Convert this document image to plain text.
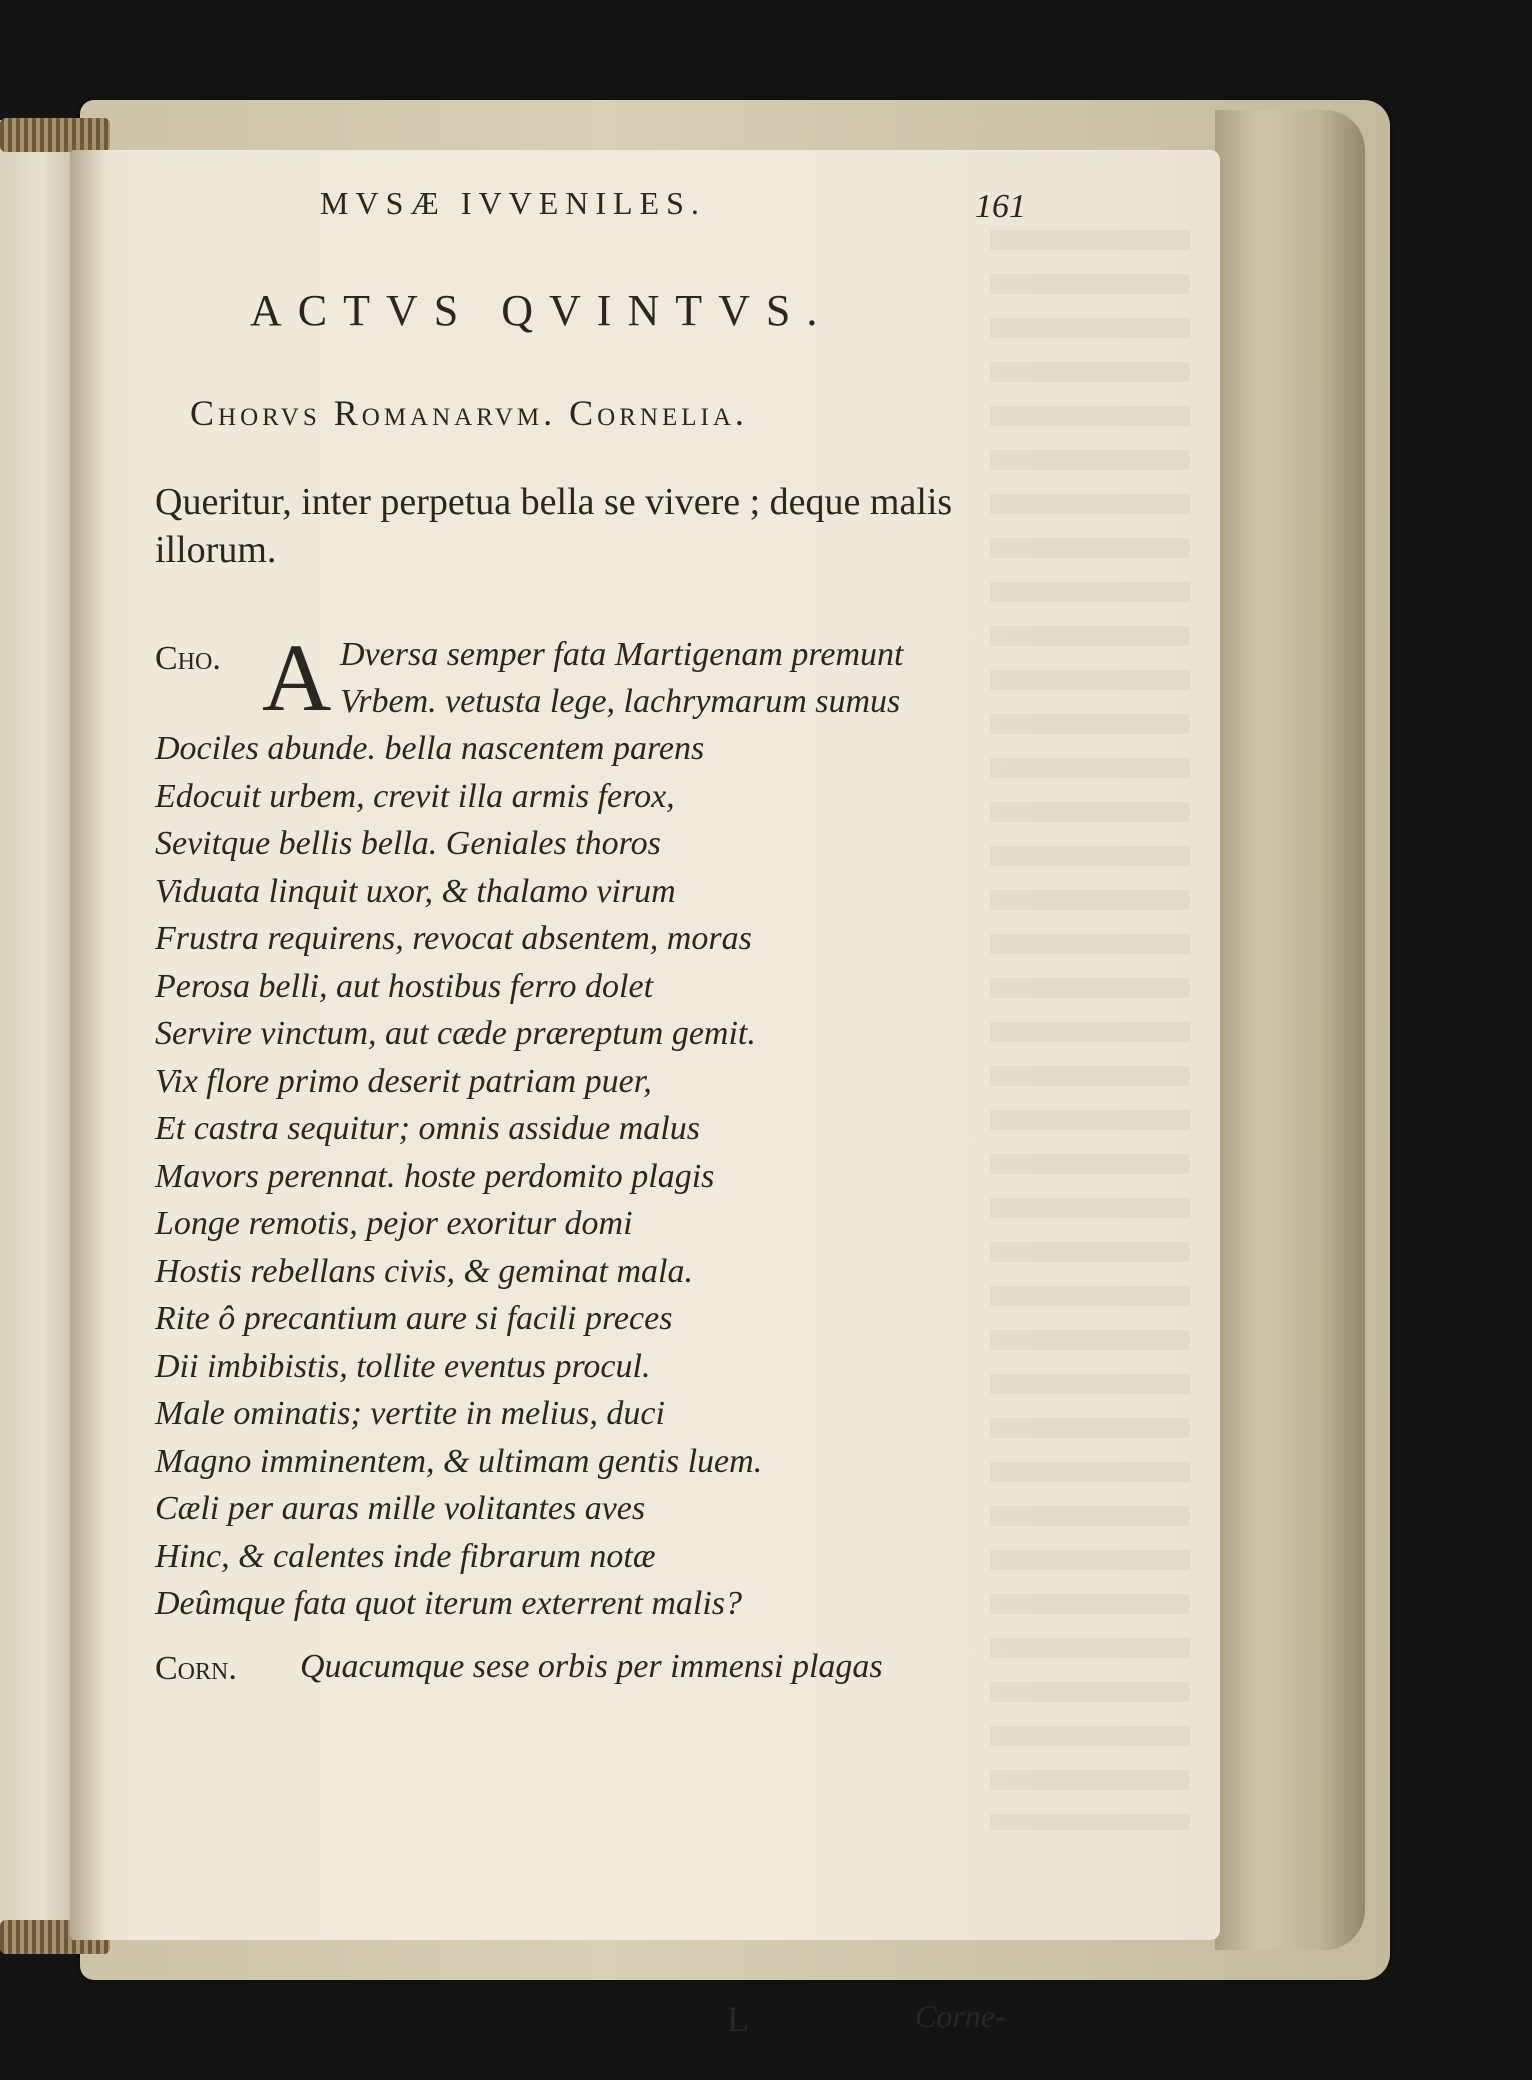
MVSÆ IVVENILES.	161
ACTVS QVINTVS.
Chorvs Romanarvm. Cornelia.
Queritur, inter perpetua bella se vivere ; deque malis illorum.
Cho. A Dversa semper fata Martigenam premunt
Vrbem. vetusta lege, lachrymarum sumus
Dociles abunde. bella nascentem parens
Edocuit urbem, crevit illa armis ferox,
Sevitque bellis bella. Geniales thoros
Viduata linquit uxor, & thalamo virum
Frustra requirens, revocat absentem, moras
Perosa belli, aut hostibus ferro dolet
Servire vinctum, aut cæde præreptum gemit.
Vix flore primo deserit patriam puer,
Et castra sequitur; omnis assidue malus
Mavors perennat. hoste perdomito plagis
Longe remotis, pejor exoritur domi
Hostis rebellans civis, & geminat mala.
Rite ô precantium aure si facili preces
Dii imbibistis, tollite eventus procul.
Male ominatis; vertite in melius, duci
Magno imminentem, & ultimam gentis luem.
Cæli per auras mille volitantes aves
Hinc, & calentes inde fibrarum notæ
Deûmque fata quot iterum exterrent malis?
Corn. Quacumque sese orbis per immensi plagas
L	Corne-
